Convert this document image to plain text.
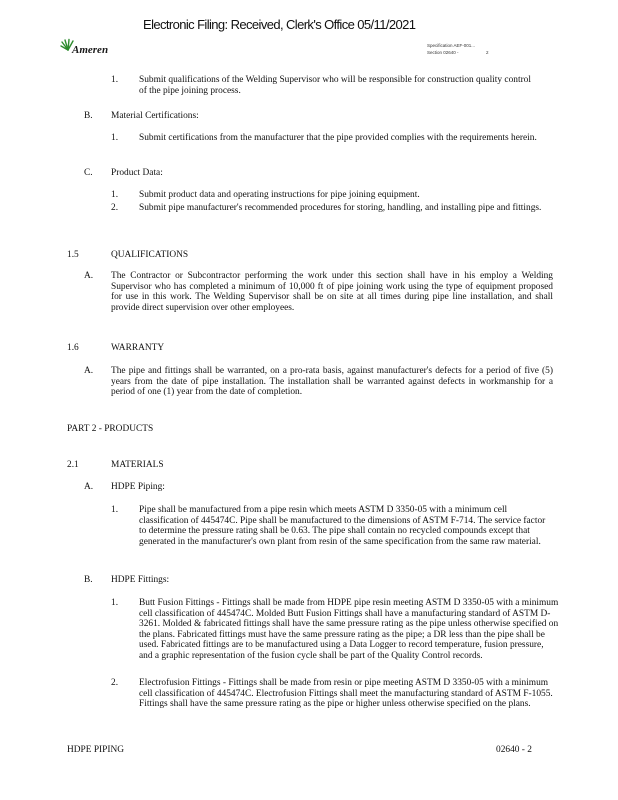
Electronic Filing: Received, Clerk's Office 05/11/2021
Ameren	Specification AEF-001...
Section 02640 -	2
1. Submit qualifications of the Welding Supervisor who will be responsible for construction quality control of the pipe joining process.
B. Material Certifications:
1. Submit certifications from the manufacturer that the pipe provided complies with the requirements herein.
C. Product Data:
1. Submit product data and operating instructions for pipe joining equipment.
2. Submit pipe manufacturer's recommended procedures for storing, handling, and installing pipe and fittings.
1.5	QUALIFICATIONS
A. The Contractor or Subcontractor performing the work under this section shall have in his employ a Welding Supervisor who has completed a minimum of 10,000 ft of pipe joining work using the type of equipment proposed for use in this work. The Welding Supervisor shall be on site at all times during pipe line installation, and shall provide direct supervision over other employees.
1.6	WARRANTY
A. The pipe and fittings shall be warranted, on a pro-rata basis, against manufacturer's defects for a period of five (5) years from the date of pipe installation. The installation shall be warranted against defects in workmanship for a period of one (1) year from the date of completion.
PART 2 - PRODUCTS
2.1	MATERIALS
A. HDPE Piping:
1. Pipe shall be manufactured from a pipe resin which meets ASTM D 3350-05 with a minimum cell classification of 445474C. Pipe shall be manufactured to the dimensions of ASTM F-714. The service factor to determine the pressure rating shall be 0.63. The pipe shall contain no recycled compounds except that generated in the manufacturer's own plant from resin of the same specification from the same raw material.
B. HDPE Fittings:
1. Butt Fusion Fittings - Fittings shall be made from HDPE pipe resin meeting ASTM D 3350-05 with a minimum cell classification of 445474C. Molded Butt Fusion Fittings shall have a manufacturing standard of ASTM D-3261. Molded & fabricated fittings shall have the same pressure rating as the pipe unless otherwise specified on the plans. Fabricated fittings must have the same pressure rating as the pipe; a DR less than the pipe shall be used. Fabricated fittings are to be manufactured using a Data Logger to record temperature, fusion pressure, and a graphic representation of the fusion cycle shall be part of the Quality Control records.
2. Electrofusion Fittings - Fittings shall be made from resin or pipe meeting ASTM D 3350-05 with a minimum cell classification of 445474C. Electrofusion Fittings shall meet the manufacturing standard of ASTM F-1055. Fittings shall have the same pressure rating as the pipe or higher unless otherwise specified on the plans.
HDPE PIPING	02640 - 2
